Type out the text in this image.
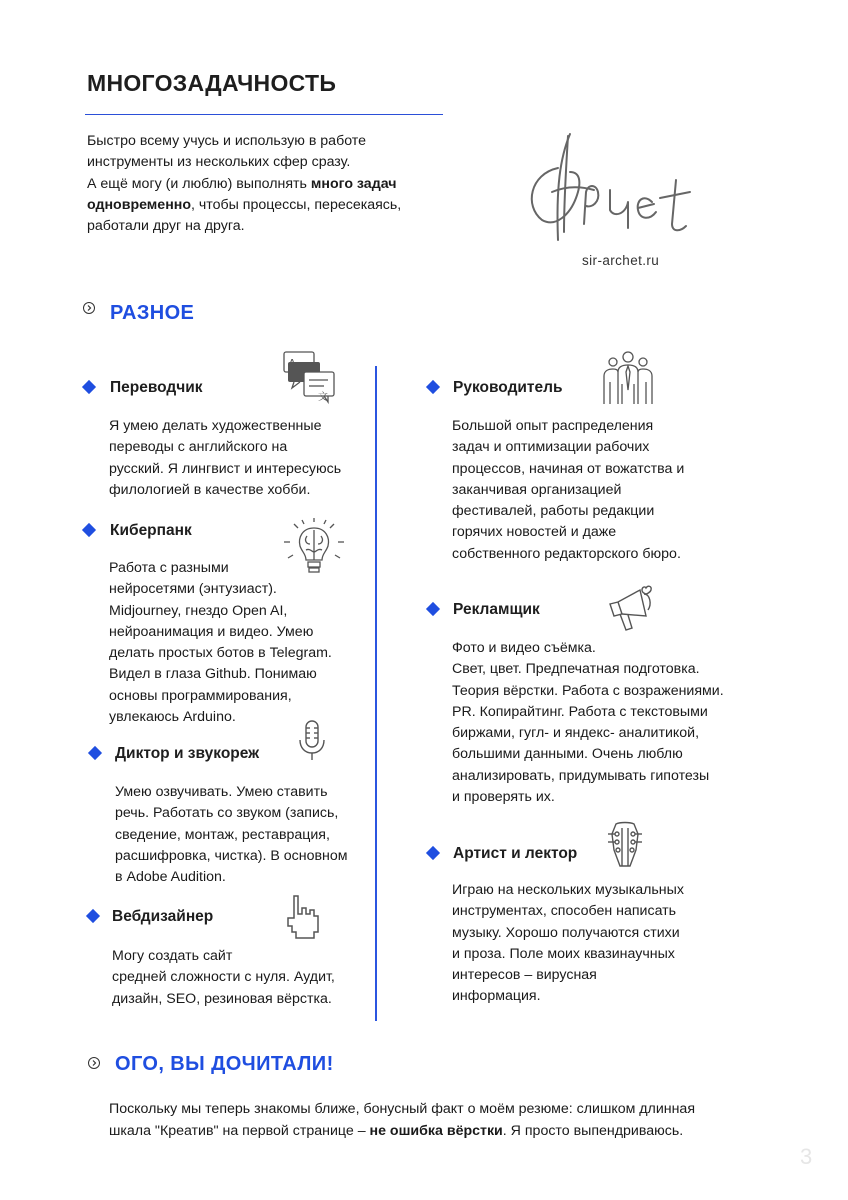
МНОГОЗАДАЧНОСТЬ

Быстро всему учусь и использую в работе

инструменты из нескольких сфер сразу.

А ещё могу (и люблю) выполнять много задач

одновременно, чтобы процессы, пересекаясь,

работали друг на друга.

sir-archet.ru
РАЗНОЕ
Переводчик
文

Я умею делать художественные

переводы с английского на

русский. Я лингвист и интересуюсь

филологией в качестве хобби.

Киберпанк

Работа с разными

нейросетями (энтузиаст).

Midjourney, гнездо Open AI,

нейроанимация и видео. Умею

делать простых ботов в Telegram.

Видел в глаза Github. Понимаю

основы программирования,

увлекаюсь Arduino.

Диктор и звукореж

Умею озвучивать. Умею ставить

речь. Работать со звуком (запись,

сведение, монтаж, реставрация,

расшифровка, чистка). В основном

в Adobe Audition.

Вебдизайнер

Могу создать сайт

средней сложности с нуля. Аудит,

дизайн, SEO, резиновая вёрстка.

Руководитель

Большой опыт распределения

задач и оптимизации рабочих

процессов, начиная от вожатства и

заканчивая организацией

фестивалей, работы редакции

горячих новостей и даже

собственного редакторского бюро.

Рекламщик

Фото и видео съёмка.

Свет, цвет. Предпечатная подготовка.

Теория вёрстки. Работа с возражениями.

PR. Копирайтинг. Работа с текстовыми

биржами, гугл- и яндекс- аналитикой,

большими данными. Очень люблю

анализировать, придумывать гипотезы

и проверять их.

Артист и лектор

Играю на нескольких музыкальных

инструментах, способен написать

музыку. Хорошо получаются стихи

и проза. Поле моих квазинаучных

интересов – вирусная

информация.

ОГО, ВЫ ДОЧИТАЛИ!

Поскольку мы теперь знакомы ближе, бонусный факт о моём резюме: слишком длинная

шкала "Креатив" на первой странице – не ошибка вёрстки. Я просто выпендриваюсь.

3
